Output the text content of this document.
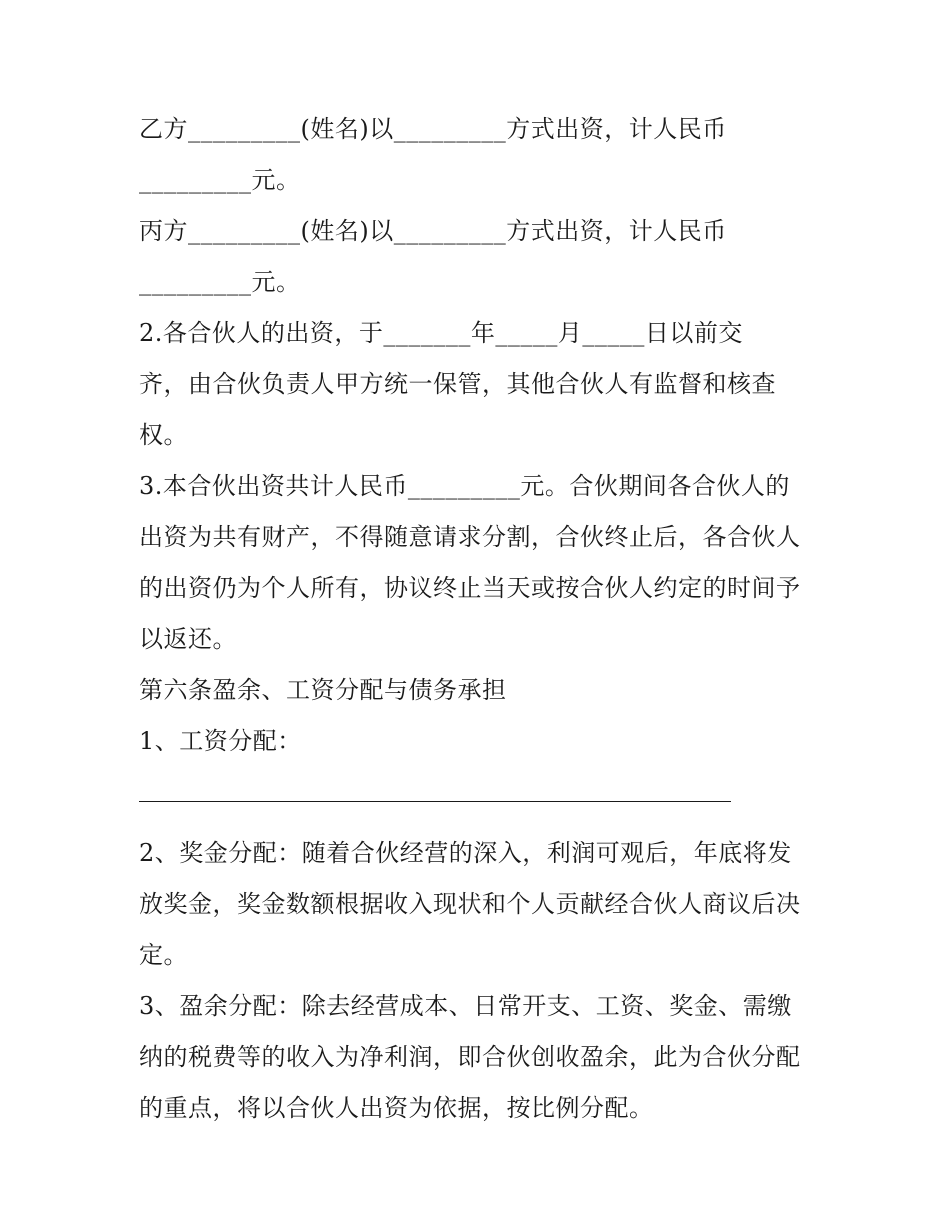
乙方_________(姓名)以_________方式出资，计人民币
_________元。
丙方_________(姓名)以_________方式出资，计人民币
_________元。
2.各合伙人的出资，于_______年_____月_____日以前交
齐，由合伙负责人甲方统一保管，其他合伙人有监督和核查
权。
3.本合伙出资共计人民币_________元。合伙期间各合伙人的
出资为共有财产，不得随意请求分割，合伙终止后，各合伙人
的出资仍为个人所有，协议终止当天或按合伙人约定的时间予
以返还。
第六条盈余、工资分配与债务承担
1、工资分配：
2、奖金分配：随着合伙经营的深入，利润可观后，年底将发
放奖金，奖金数额根据收入现状和个人贡献经合伙人商议后决
定。
3、盈余分配：除去经营成本、日常开支、工资、奖金、需缴
纳的税费等的收入为净利润，即合伙创收盈余，此为合伙分配
的重点，将以合伙人出资为依据，按比例分配。
